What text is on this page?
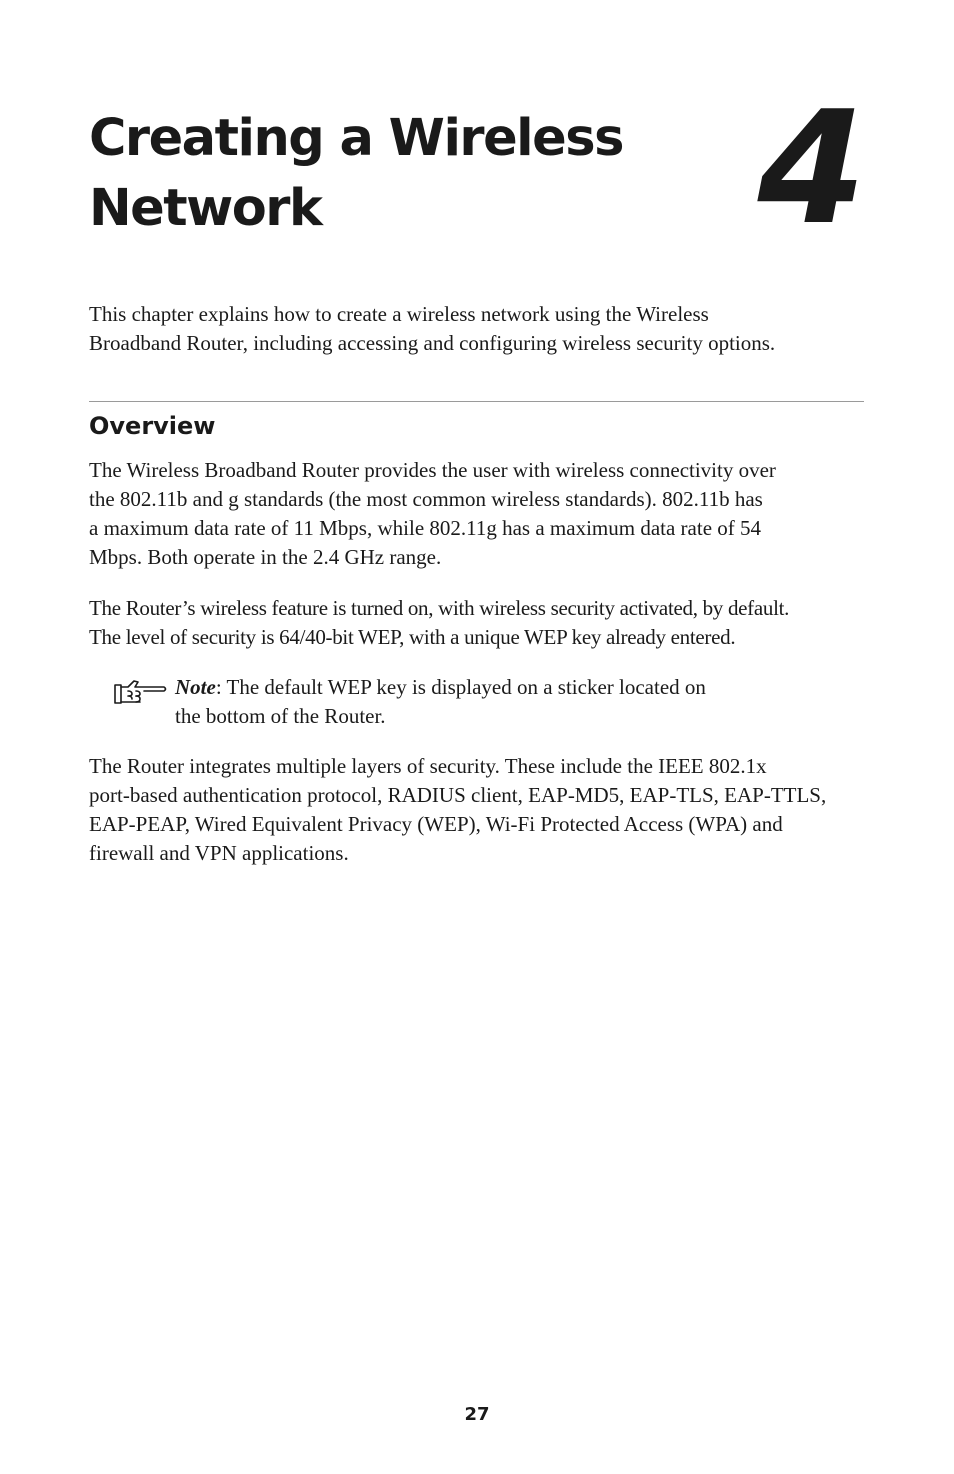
Creating a Wireless
Network	4

This chapter explains how to create a wireless network using the Wireless
Broadband Router, including accessing and configuring wireless security options.

Overview

The Wireless Broadband Router provides the user with wireless connectivity over
the 802.11b and g standards (the most common wireless standards). 802.11b has
a maximum data rate of 11 Mbps, while 802.11g has a maximum data rate of 54
Mbps. Both operate in the 2.4 GHz range.

The Router’s wireless feature is turned on, with wireless security activated, by default.
The level of security is 64/40-bit WEP, with a unique WEP key already entered.

Note: The default WEP key is displayed on a sticker located on
the bottom of the Router.

The Router integrates multiple layers of security. These include the IEEE 802.1x
port-based authentication protocol, RADIUS client, EAP-MD5, EAP-TLS, EAP-TTLS,
EAP-PEAP, Wired Equivalent Privacy (WEP), Wi-Fi Protected Access (WPA) and
firewall and VPN applications.

27
